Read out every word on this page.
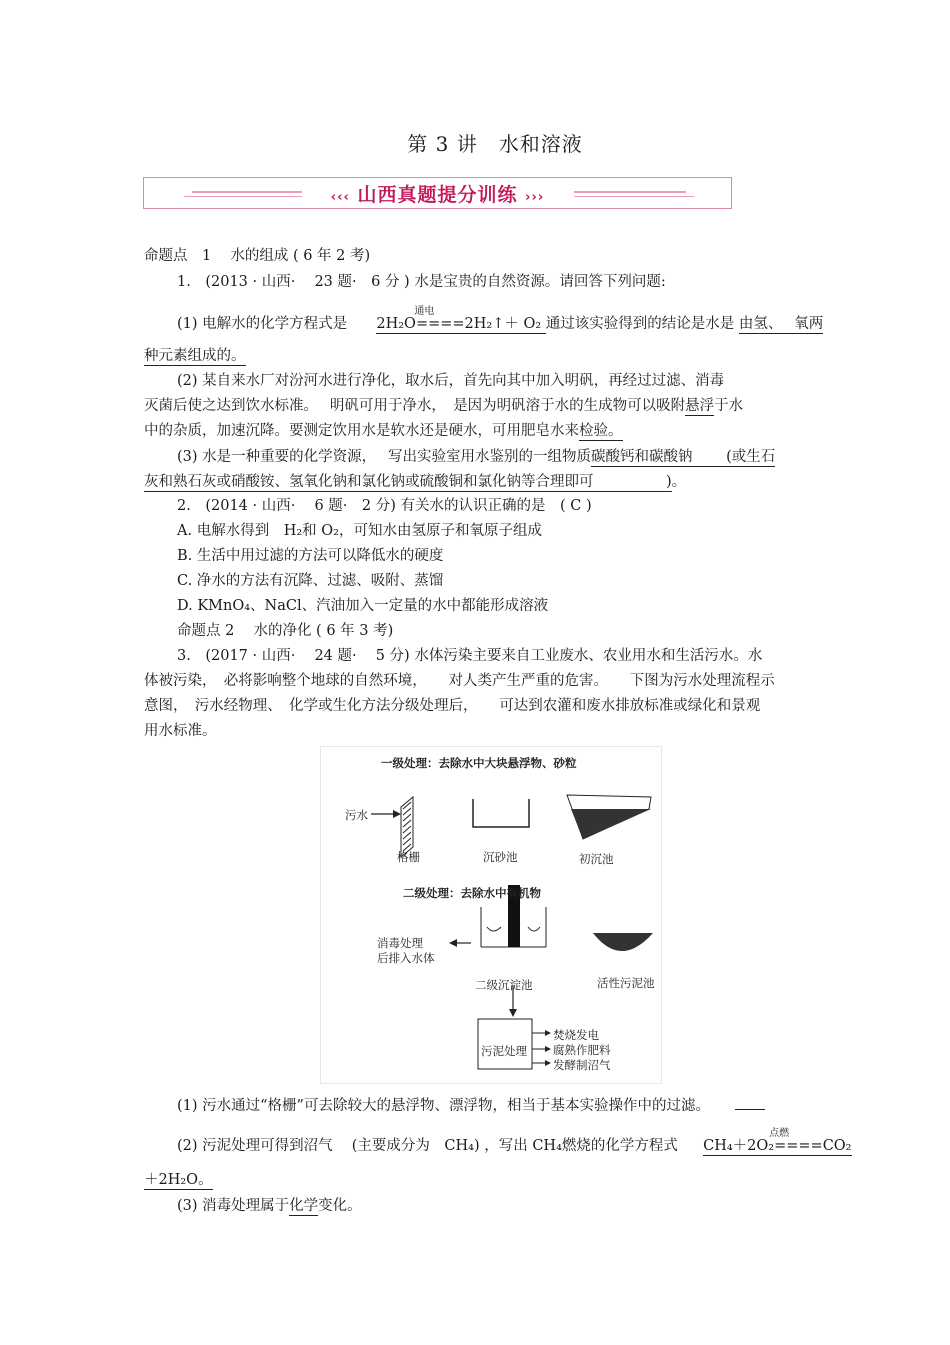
第 3 讲　水和溶液
‹‹‹ 山西真题提分训练 ›››
命题点　1　 水的组成 ( 6 年 2 考)
1.　(2013 · 山西·　 23 题·　6 分 ) 水是宝贵的自然资源。请回答下列问题:
(1) 电解水的化学方程式是
通电
2H₂O====2H₂↑＋ O₂ 通过该实验得到的结论是水是 由氢、　 氧两
种元素组成的。
(2) 某自来水厂对汾河水进行净化，取水后，首先向其中加入明矾，再经过过滤、消毒
灭菌后使之达到饮水标准。　 明矾可用于净水，　是因为明矾溶于水的生成物可以吸附悬浮于水
中的杂质，加速沉降。要测定饮用水是软水还是硬水，可用肥皂水来检验。
(3) 水是一种重要的化学资源，　 写出实验室用水鉴别的一组物质碳酸钙和碳酸钠　　 (或生石
灰和熟石灰或硝酸铵、氢氧化钠和氯化钠或硫酸铜和氯化钠等合理即可　　　　　)。
2.　(2014 · 山西·　 6 题·　2 分) 有关水的认识正确的是　( C )
A. 电解水得到　H₂和 O₂，可知水由氢原子和氧原子组成
B. 生活中用过滤的方法可以降低水的硬度
C. 净水的方法有沉降、过滤、吸附、蒸馏
D. KMnO₄、NaCl、汽油加入一定量的水中都能形成溶液
命题点 2　 水的净化 ( 6 年 3 考)
3.　(2017 · 山西·　 24 题·　 5 分) 水体污染主要来自工业废水、农业用水和生活污水。水
体被污染，　必将影响整个地球的自然环境，　　对人类产生严重的危害。　　下图为污水处理流程示
意图，　污水经物理、　化学或生化方法分级处理后，　　可达到农灌和废水排放标准或绿化和景观
用水标准。
一级处理：去除水中大块悬浮物、砂粒
污水
格栅	沉砂池	初沉池
二级处理：去除水中有机物
消毒处理
后排入水体
二级沉淀池	活性污泥池
污泥处理
焚烧发电
腐熟作肥料
发酵制沼气
(1) 污水通过“格栅”可去除较大的悬浮物、漂浮物，相当于基本实验操作中的过滤。
(2) 污泥处理可得到沼气　 (主要成分为　CH₄) ，写出 CH₄燃烧的化学方程式
点燃
CH₄＋2O₂====CO₂
＋2H₂O。
(3) 消毒处理属于化学变化。
